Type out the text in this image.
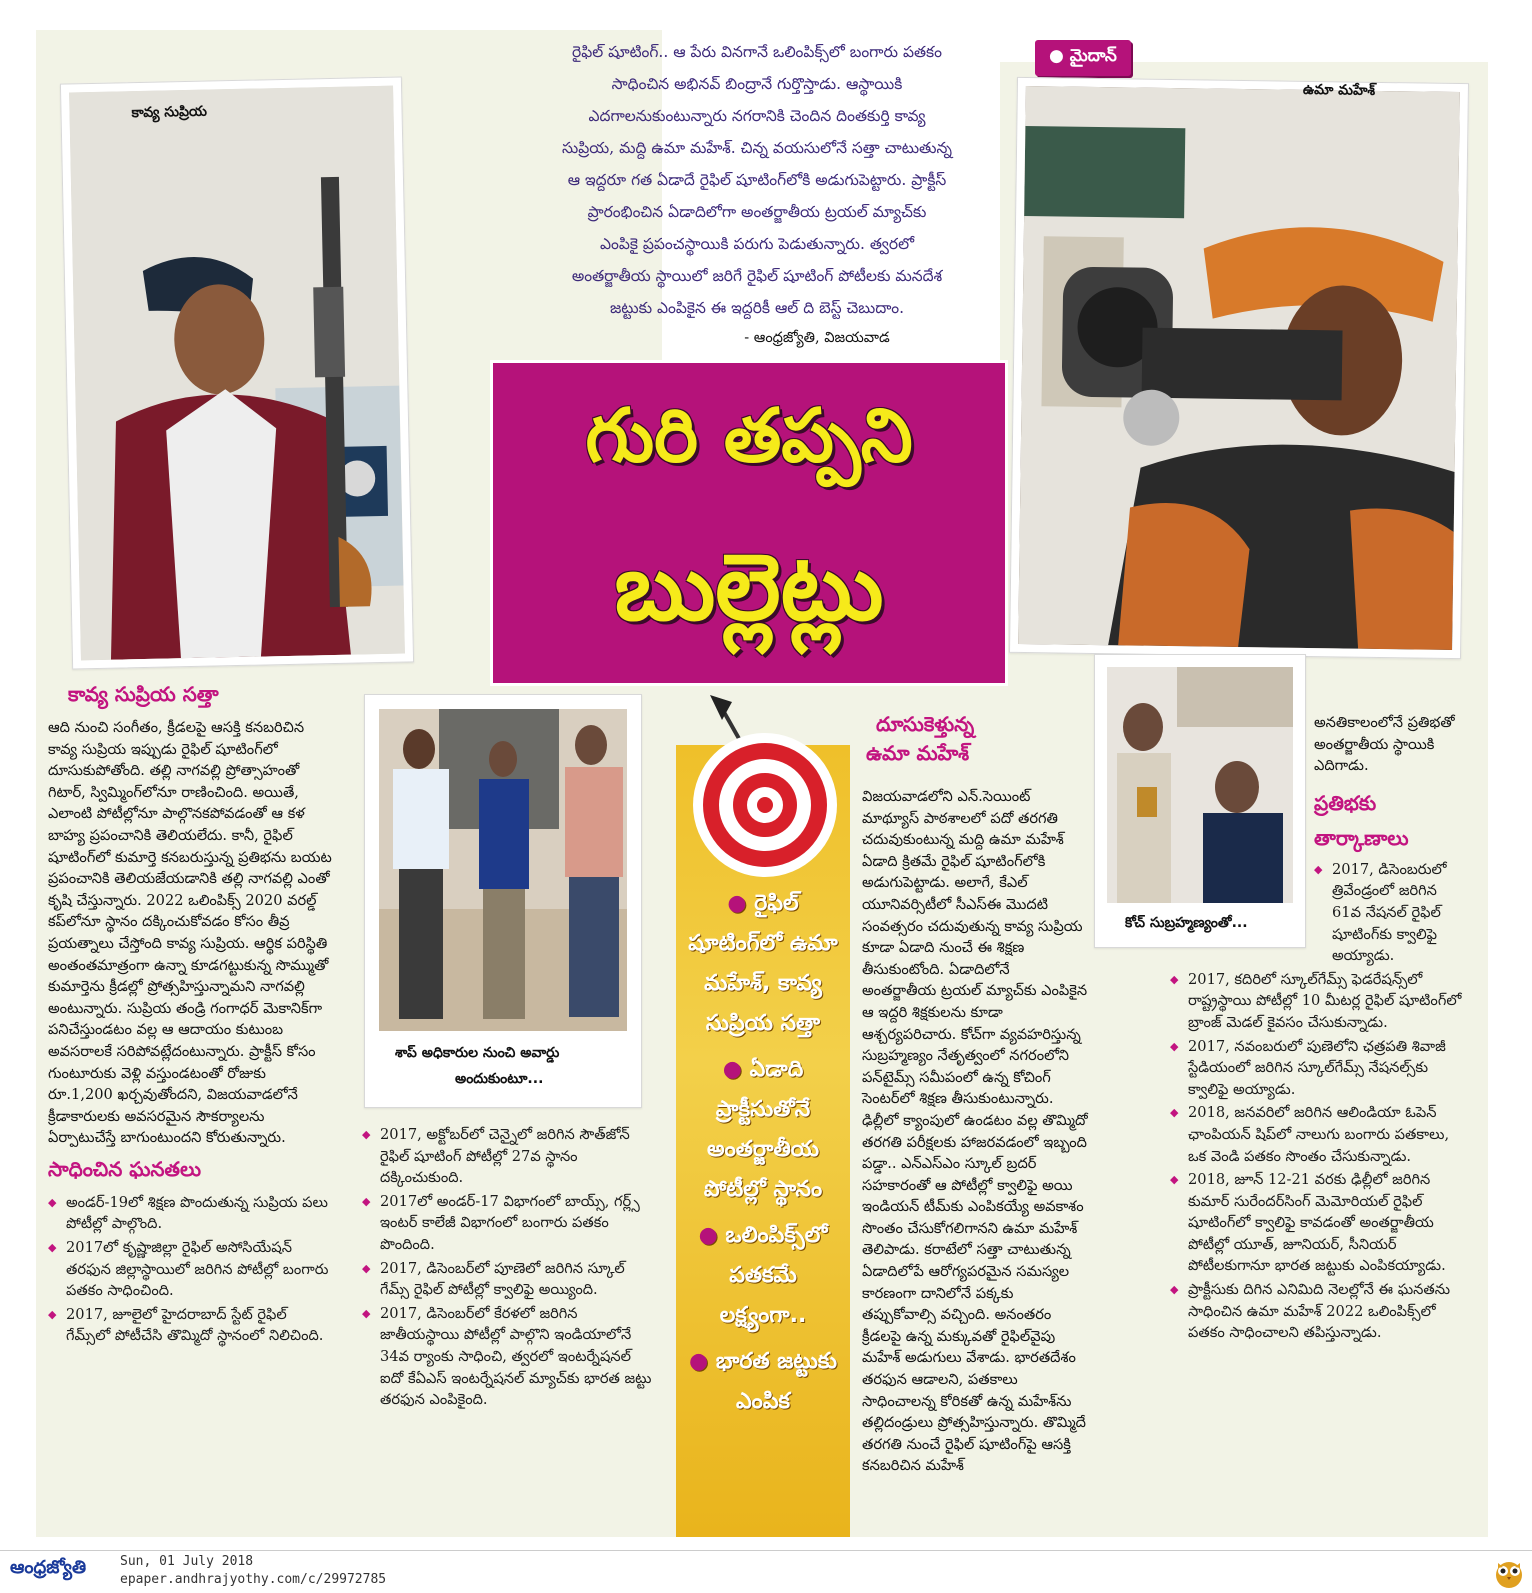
కావ్య సుప్రియ
రైఫిల్ షూటింగ్.. ఆ పేరు వినగానే ఒలింపిక్స్‌లో బంగారు పతకం
సాధించిన అభినవ్ బింద్రానే గుర్తొస్తాడు. ఆస్థాయికి
ఎదగాలనుకుంటున్నారు నగరానికి చెందిన దింతకుర్తి కావ్య
సుప్రియ, మద్ది ఉమా మహేశ్. చిన్న వయసులోనే సత్తా చాటుతున్న
ఆ ఇద్దరూ గత ఏడాదే రైఫిల్ షూటింగ్‌లోకి అడుగుపెట్టారు. ప్రాక్టీస్
ప్రారంభించిన ఏడాదిలోగా అంతర్జాతీయ ట్రయల్ మ్యాచ్‌కు
ఎంపికై ప్రపంచస్థాయికి పరుగు పెడుతున్నారు. త్వరలో
అంతర్జాతీయ స్థాయిలో జరిగే రైఫిల్ షూటింగ్ పోటీలకు మనదేశ
జట్టుకు ఎంపికైన ఈ ఇద్దరికీ ఆల్ ది బెస్ట్ చెబుదాం.
- ఆంధ్రజ్యోతి, విజయవాడ
● మైదాన్
ఉమా మహేశ్
గురి తప్పని
బుల్లెట్లు
కావ్య సుప్రియ సత్తా

ఆది నుంచి సంగీతం, క్రీడలపై ఆసక్తి కనబరిచిన కావ్య సుప్రియ ఇప్పుడు రైఫిల్ షూటింగ్‌లో దూసుకుపోతోంది. తల్లి నాగవల్లి ప్రోత్సాహంతో గిటార్, స్విమ్మింగ్‌లోనూ రాణించింది. అయితే, ఎలాంటి పోటీల్లోనూ పాల్గొనకపోవడంతో ఆ కళ బాహ్య ప్రపంచానికి తెలియలేదు. కానీ, రైఫిల్ షూటింగ్‌లో కుమార్తె కనబరుస్తున్న ప్రతిభను బయట ప్రపంచానికి తెలియజేయడానికి తల్లి నాగవల్లి ఎంతో కృషి చేస్తున్నారు. 2022 ఒలింపిక్స్ 2020 వరల్డ్ కప్‌లోనూ స్థానం దక్కించుకోవడం కోసం తీవ్ర ప్రయత్నాలు చేస్తోంది కావ్య సుప్రియ. ఆర్థిక పరిస్థితి అంతంతమాత్రంగా ఉన్నా కూడగట్టుకున్న సొమ్ముతో కుమార్తెను క్రీడల్లో ప్రోత్సహిస్తున్నామని నాగవల్లి అంటున్నారు. సుప్రియ తండ్రి గంగాధర్ మెకానిక్‌గా పనిచేస్తుండటం వల్ల ఆ ఆదాయం కుటుంబ అవసరాలకే సరిపోవట్లేదంటున్నారు. ప్రాక్టీస్ కోసం గుంటూరుకు వెళ్లి వస్తుండటంతో రోజుకు రూ.1,200 ఖర్చవుతోందని, విజయవాడలోనే క్రీడాకారులకు అవసరమైన సౌకర్యాలను ఏర్పాటుచేస్తే బాగుంటుందని కోరుతున్నారు.

సాధించిన ఘనతలు
◆ అండర్-19లో శిక్షణ పొందుతున్న సుప్రియ పలు పోటీల్లో పాల్గొంది.
◆ 2017లో కృష్ణాజిల్లా రైఫిల్ అసోసియేషన్ తరఫున జిల్లాస్థాయిలో జరిగిన పోటీల్లో బంగారు పతకం సాధించింది.
◆ 2017, జూలైలో హైదరాబాద్ స్టేట్ రైఫిల్ గేమ్స్‌లో పోటీచేసి తొమ్మిదో స్థానంలో నిలిచింది.
శాప్ అధికారుల నుంచి అవార్డు
అందుకుంటూ...
◆ 2017, అక్టోబర్‌లో చెన్నైలో జరిగిన సౌత్‌జోన్ రైఫిల్ షూటింగ్ పోటీల్లో 27వ స్థానం దక్కించుకుంది.
◆ 2017లో అండర్-17 విభాగంలో బాయ్స్, గర్ల్స్ ఇంటర్ కాలేజీ విభాగంలో బంగారు పతకం పొందింది.
◆ 2017, డిసెంబర్‌లో పూణెలో జరిగిన స్కూల్ గేమ్స్ రైఫిల్ పోటీల్లో క్వాలిఫై అయ్యింది.
◆ 2017, డిసెంబర్‌లో కేరళలో జరిగిన జాతీయస్థాయి పోటీల్లో పాల్గొని ఇండియాలోనే 34వ ర్యాంకు సాధించి, త్వరలో ఇంటర్నేషనల్ ఐదో కేఏఎస్ ఇంటర్నేషనల్ మ్యాచ్‌కు భారత జట్టు తరఫున ఎంపికైంది.
● రైఫిల్ షూటింగ్‌లో ఉమా మహేశ్, కావ్య సుప్రియ సత్తా
● ఏడాది ప్రాక్టీసుతోనే అంతర్జాతీయ పోటీల్లో స్థానం
● ఒలింపిక్స్‌లో పతకమే లక్ష్యంగా..
● భారత జట్టుకు ఎంపిక
దూసుకెళ్తున్న
ఉమా మహేశ్

విజయవాడలోని ఎన్.సెయింట్ మాథ్యూస్ పాఠశాలలో పదో తరగతి చదువుకుంటున్న మద్ది ఉమా మహేశ్ ఏడాది క్రితమే రైఫిల్ షూటింగ్‌లోకి అడుగుపెట్టాడు. అలాగే, కేఎల్ యూనివర్సిటీలో సీఎస్ఈ మొదటి సంవత్సరం చదువుతున్న కావ్య సుప్రియ కూడా ఏడాది నుంచే ఈ శిక్షణ తీసుకుంటోంది. ఏడాదిలోనే అంతర్జాతీయ ట్రయల్ మ్యాచ్‌కు ఎంపికైన ఆ ఇద్దరి శిక్షకులను కూడా ఆశ్చర్యపరిచారు. కోచ్‌గా వ్యవహరిస్తున్న సుబ్రహ్మణ్యం నేతృత్వంలో నగరంలోని పన్‌టైమ్స్ సమీపంలో ఉన్న కోచింగ్ సెంటర్‌లో శిక్షణ తీసుకుంటున్నారు. ఢిల్లీలో క్యాంపులో ఉండటం వల్ల తొమ్మిదో తరగతి పరీక్షలకు హాజరవడంలో ఇబ్బంది పడ్డా.. ఎన్ఎస్ఎం స్కూల్ బ్రదర్ సహకారంతో ఆ పోటీల్లో క్వాలిఫై అయి ఇండియన్ టీమ్‌కు ఎంపికయ్యే అవకాశం సొంతం చేసుకోగలిగానని ఉమా మహేశ్ తెలిపాడు. కరాటేలో సత్తా చాటుతున్న ఏడాదిలోపే ఆరోగ్యపరమైన సమస్యల కారణంగా దానిలోనే పక్కకు తప్పుకోవాల్సి వచ్చింది. అనంతరం క్రీడలపై ఉన్న మక్కువతో రైఫిల్‌వైపు మహేశ్ అడుగులు వేశాడు. భారతదేశం తరఫున ఆడాలని, పతకాలు సాధించాలన్న కోరికతో ఉన్న మహేశ్‌ను తల్లిదండ్రులు ప్రోత్సహిస్తున్నారు. తొమ్మిదే తరగతి నుంచే రైఫిల్ షూటింగ్‌పై ఆసక్తి కనబరిచిన మహేశ్

కోచ్ సుబ్రహ్మణ్యంతో...

అనతికాలంలోనే ప్రతిభతో అంతర్జాతీయ స్థాయికి ఎదిగాడు.

ప్రతిభకు
తార్కాణాలు
◆ 2017, డిసెంబరులో త్రివేండ్రంలో జరిగిన 61వ నేషనల్ రైఫిల్ షూటింగ్‌కు క్వాలిఫై అయ్యాడు.
◆ 2017, కదిరిలో స్కూల్‌గేమ్స్ ఫెడరేషన్స్‌లో రాష్ట్రస్థాయి పోటీల్లో 10 మీటర్ల రైఫిల్ షూటింగ్‌లో బ్రాంజ్ మెడల్ కైవసం చేసుకున్నాడు.
◆ 2017, నవంబరులో పుణెలోని ఛత్రపతి శివాజీ స్టేడియంలో జరిగిన స్కూల్‌గేమ్స్ నేషనల్స్‌కు క్వాలిఫై అయ్యాడు.
◆ 2018, జనవరిలో జరిగిన ఆలిండియా ఓపెన్ ఛాంపియన్ షిప్‌లో నాలుగు బంగారు పతకాలు, ఒక వెండి పతకం సొంతం చేసుకున్నాడు.
◆ 2018, జూన్ 12-21 వరకు ఢిల్లీలో జరిగిన కుమార్ సురేందర్‌సింగ్ మెమోరియల్ రైఫిల్ షూటింగ్‌లో క్వాలిఫై కావడంతో అంతర్జాతీయ పోటీల్లో యూత్, జూనియర్, సీనియర్ పోటీలకుగానూ భారత జట్టుకు ఎంపికయ్యాడు.
◆ ప్రాక్టీసుకు దిగిన ఎనిమిది నెలల్లోనే ఈ ఘనతను సాధించిన ఉమా మహేశ్ 2022 ఒలింపిక్స్‌లో పతకం సాధించాలని తపిస్తున్నాడు.
ఆంధ్రజ్యోతి	Sun, 01 July 2018
epaper.andhrajyothy.com/c/29972785
